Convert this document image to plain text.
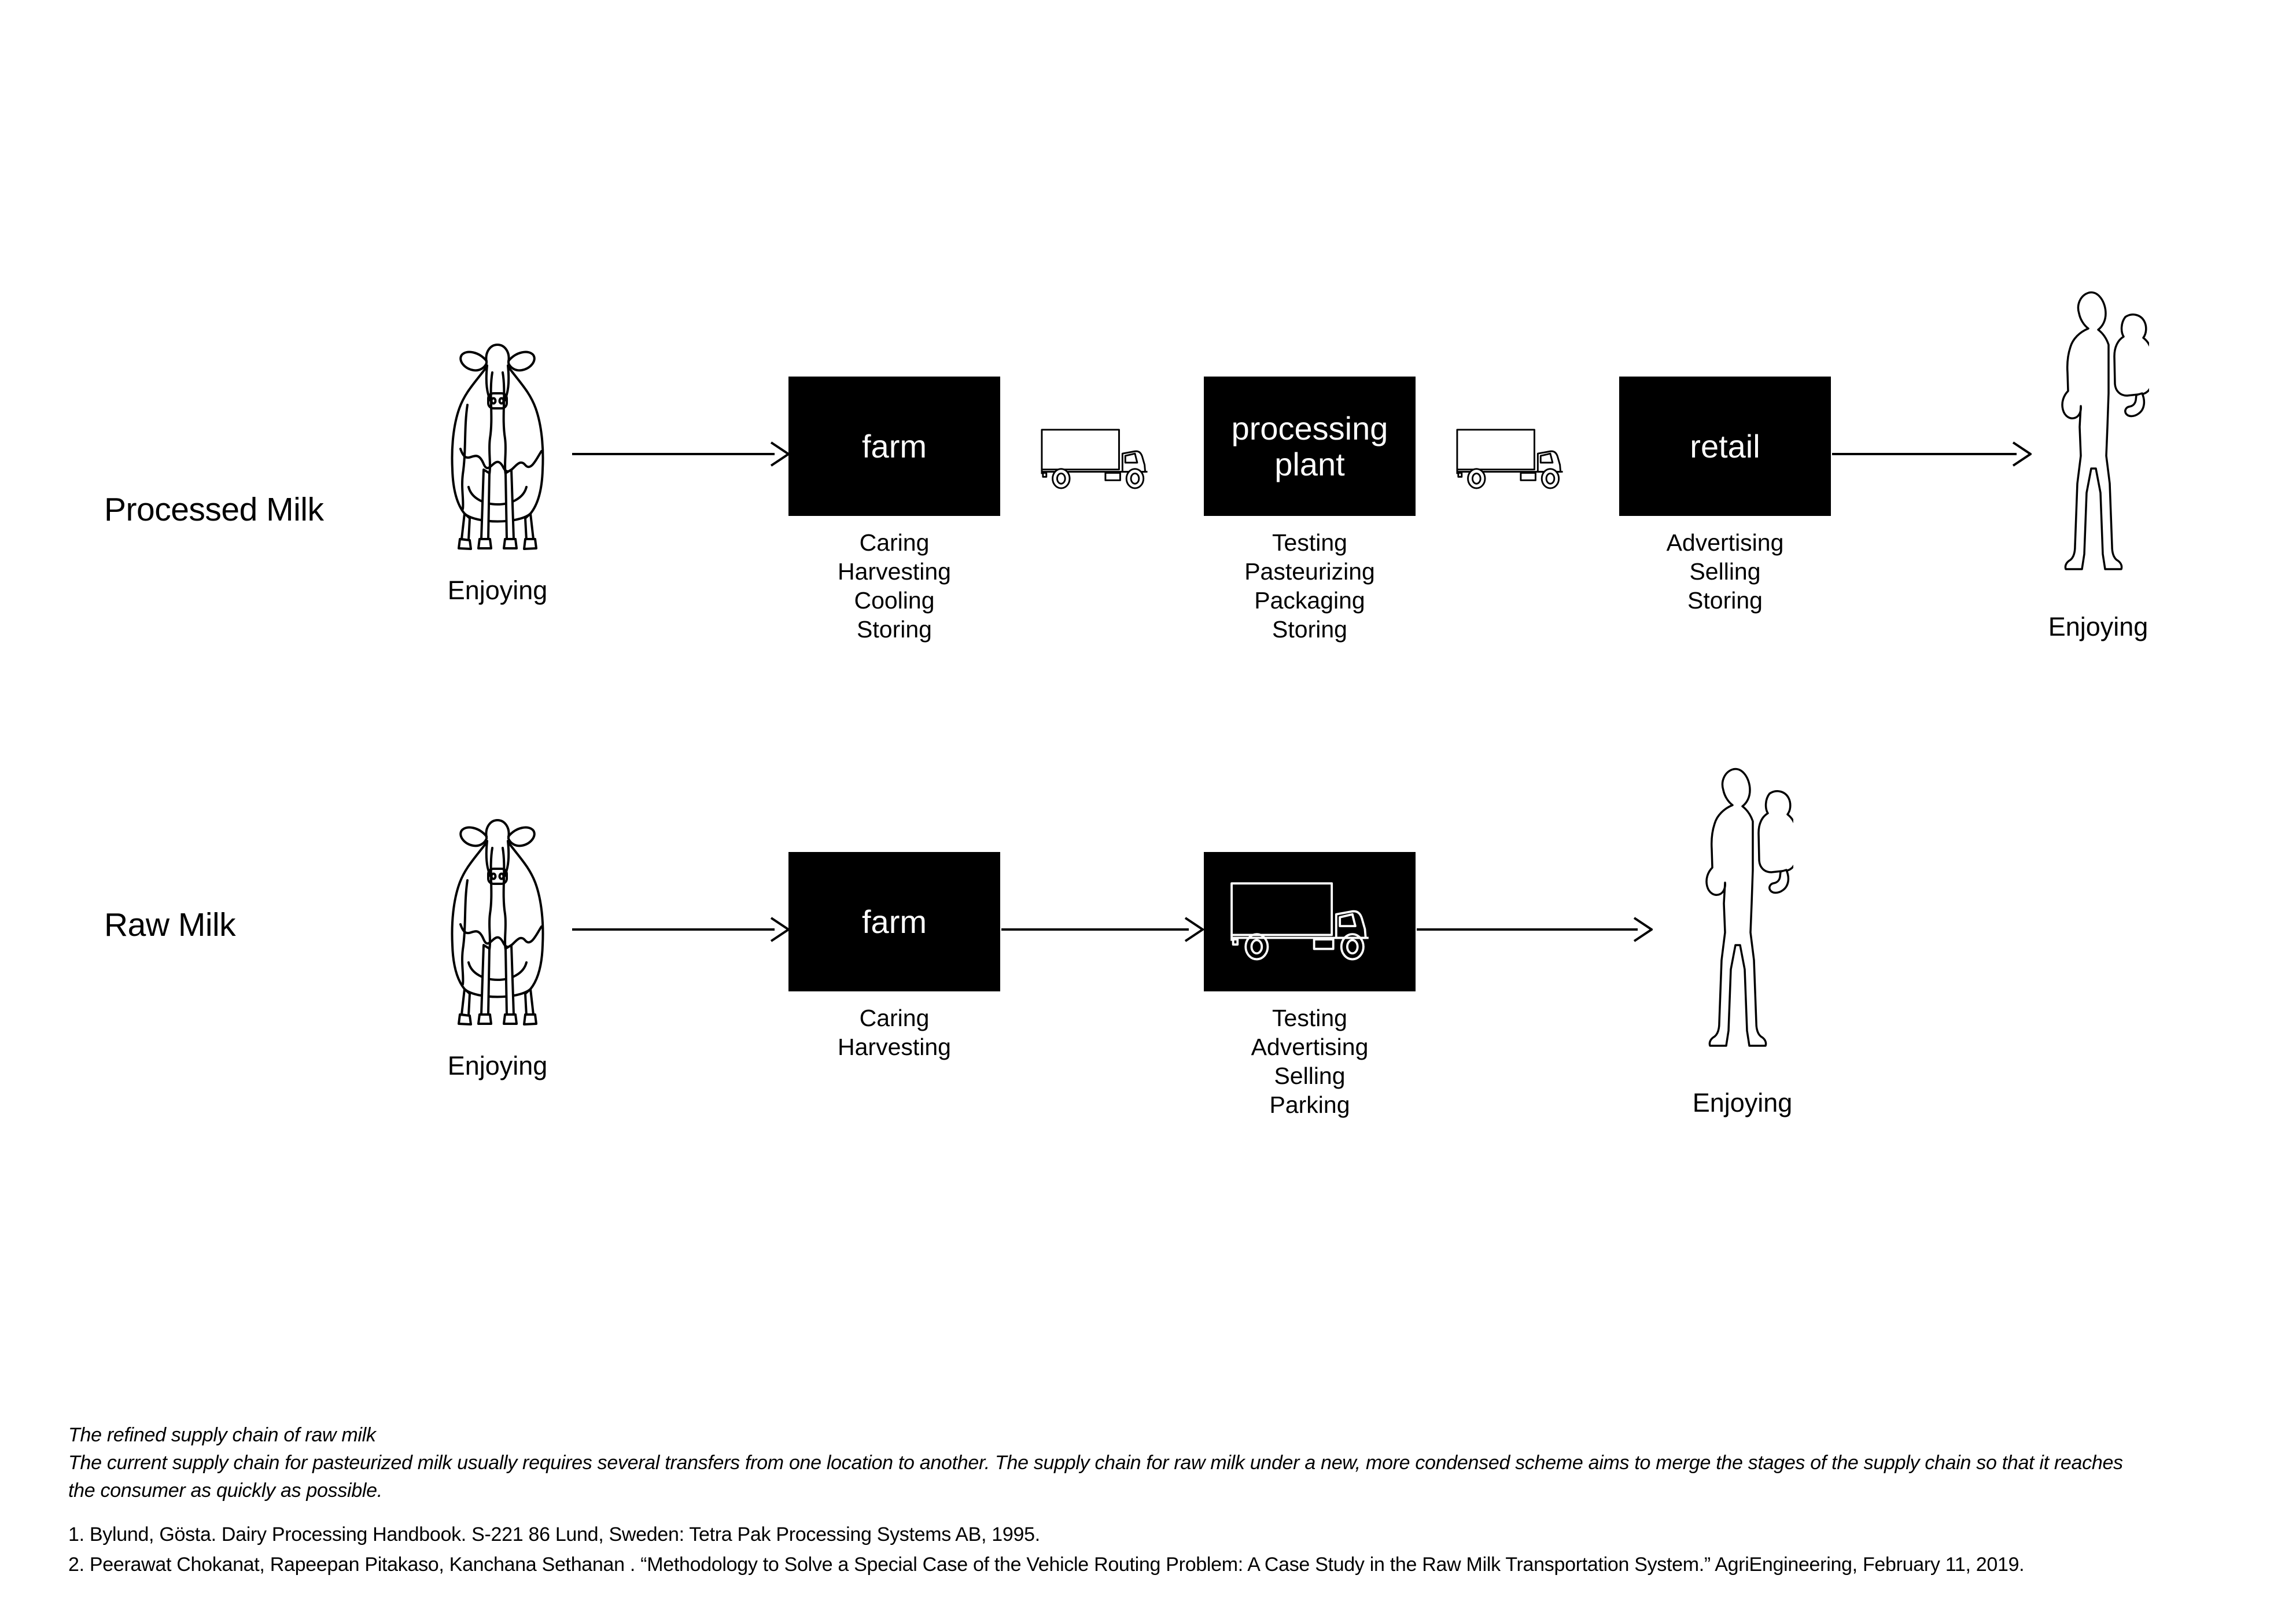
Processed Milk
Enjoying
farm
Caring
Harvesting
Cooling
Storing
processing plant
Testing
Pasteurizing
Packaging
Storing
retail
Advertising
Selling
Storing
Enjoying
Raw Milk
Enjoying
farm
Caring
Harvesting
Testing
Advertising
Selling
Parking	Enjoying
The refined supply chain of raw milk
The current supply chain for pasteurized milk usually requires several transfers from one location to another. The supply chain for raw milk under a new, more condensed scheme aims to merge the stages of the supply chain so that it reaches
the consumer as quickly as possible.
1. Bylund, Gösta. Dairy Processing Handbook. S-221 86 Lund, Sweden: Tetra Pak Processing Systems AB, 1995.
2. Peerawat Chokanat, Rapeepan Pitakaso, Kanchana Sethanan . “Methodology to Solve a Special Case of the Vehicle Routing Problem: A Case Study in the Raw Milk Transportation System.” AgriEngineering, February 11, 2019.
